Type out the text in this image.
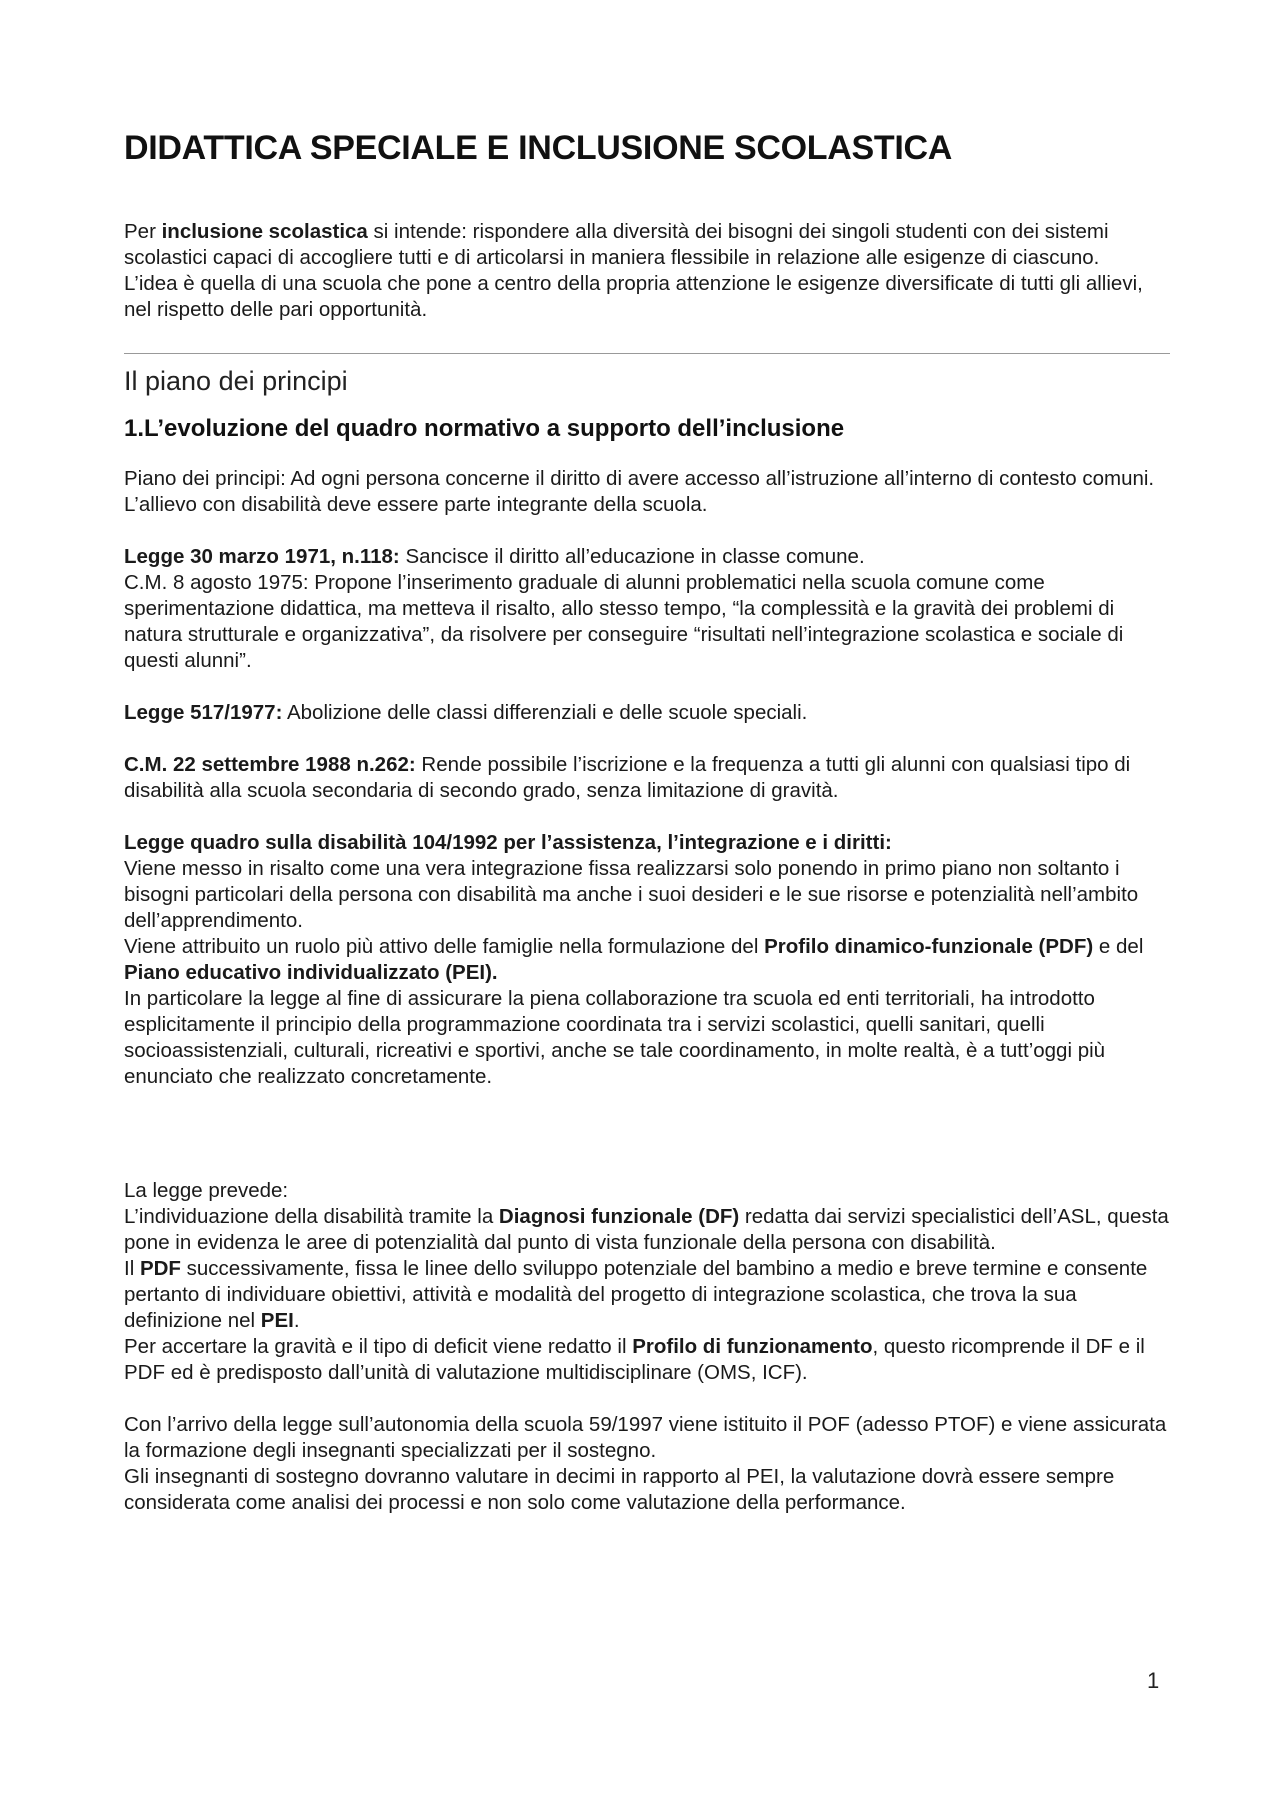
DIDATTICA SPECIALE E INCLUSIONE SCOLASTICA

Per inclusione scolastica si intende: rispondere alla diversità dei bisogni dei singoli studenti con dei sistemi scolastici capaci di accogliere tutti e di articolarsi in maniera flessibile in relazione alle esigenze di ciascuno.

L’idea è quella di una scuola che pone a centro della propria attenzione le esigenze diversificate di tutti gli allievi, nel rispetto delle pari opportunità.

Il piano dei principi
1.L’evoluzione del quadro normativo a supporto dell’inclusione

Piano dei principi: Ad ogni persona concerne il diritto di avere accesso all’istruzione all’interno di contesto comuni. L’allievo con disabilità deve essere parte integrante della scuola.

Legge 30 marzo 1971, n.118: Sancisce il diritto all’educazione in classe comune.

C.M. 8 agosto 1975: Propone l’inserimento graduale di alunni problematici nella scuola comune come sperimentazione didattica, ma metteva il risalto, allo stesso tempo, “la complessità e la gravità dei problemi di natura strutturale e organizzativa”, da risolvere per conseguire “risultati nell’integrazione scolastica e sociale di questi alunni”.

Legge 517/1977: Abolizione delle classi differenziali e delle scuole speciali.

C.M. 22 settembre 1988 n.262: Rende possibile l’iscrizione e la frequenza a tutti gli alunni con qualsiasi tipo di disabilità alla scuola secondaria di secondo grado, senza limitazione di gravità.

Legge quadro sulla disabilità 104/1992 per l’assistenza, l’integrazione e i diritti:

Viene messo in risalto come una vera integrazione fissa realizzarsi solo ponendo in primo piano non soltanto i bisogni particolari della persona con disabilità ma anche i suoi desideri e le sue risorse e potenzialità nell’ambito dell’apprendimento.

Viene attribuito un ruolo più attivo delle famiglie nella formulazione del Profilo dinamico-funzionale (PDF) e del Piano educativo individualizzato (PEI).

In particolare la legge al fine di assicurare la piena collaborazione tra scuola ed enti territoriali, ha introdotto esplicitamente il principio della programmazione coordinata tra i servizi scolastici, quelli sanitari, quelli socioassistenziali, culturali, ricreativi e sportivi, anche se tale coordinamento, in molte realtà, è a tutt’oggi più enunciato che realizzato concretamente.

La legge prevede:

L’individuazione della disabilità tramite la Diagnosi funzionale (DF) redatta dai servizi specialistici dell’ASL, questa pone in evidenza le aree di potenzialità dal punto di vista funzionale della persona con disabilità.

Il PDF successivamente, fissa le linee dello sviluppo potenziale del bambino a medio e breve termine e consente pertanto di individuare obiettivi, attività e modalità del progetto di integrazione scolastica, che trova la sua definizione nel PEI.

Per accertare la gravità e il tipo di deficit viene redatto il Profilo di funzionamento, questo ricomprende il DF e il PDF ed è predisposto dall’unità di valutazione multidisciplinare (OMS, ICF).

Con l’arrivo della legge sull’autonomia della scuola 59/1997 viene istituito il POF (adesso PTOF) e viene assicurata la formazione degli insegnanti specializzati per il sostegno.

Gli insegnanti di sostegno dovranno valutare in decimi in rapporto al PEI, la valutazione dovrà essere sempre considerata come analisi dei processi e non solo come valutazione della performance.

1
